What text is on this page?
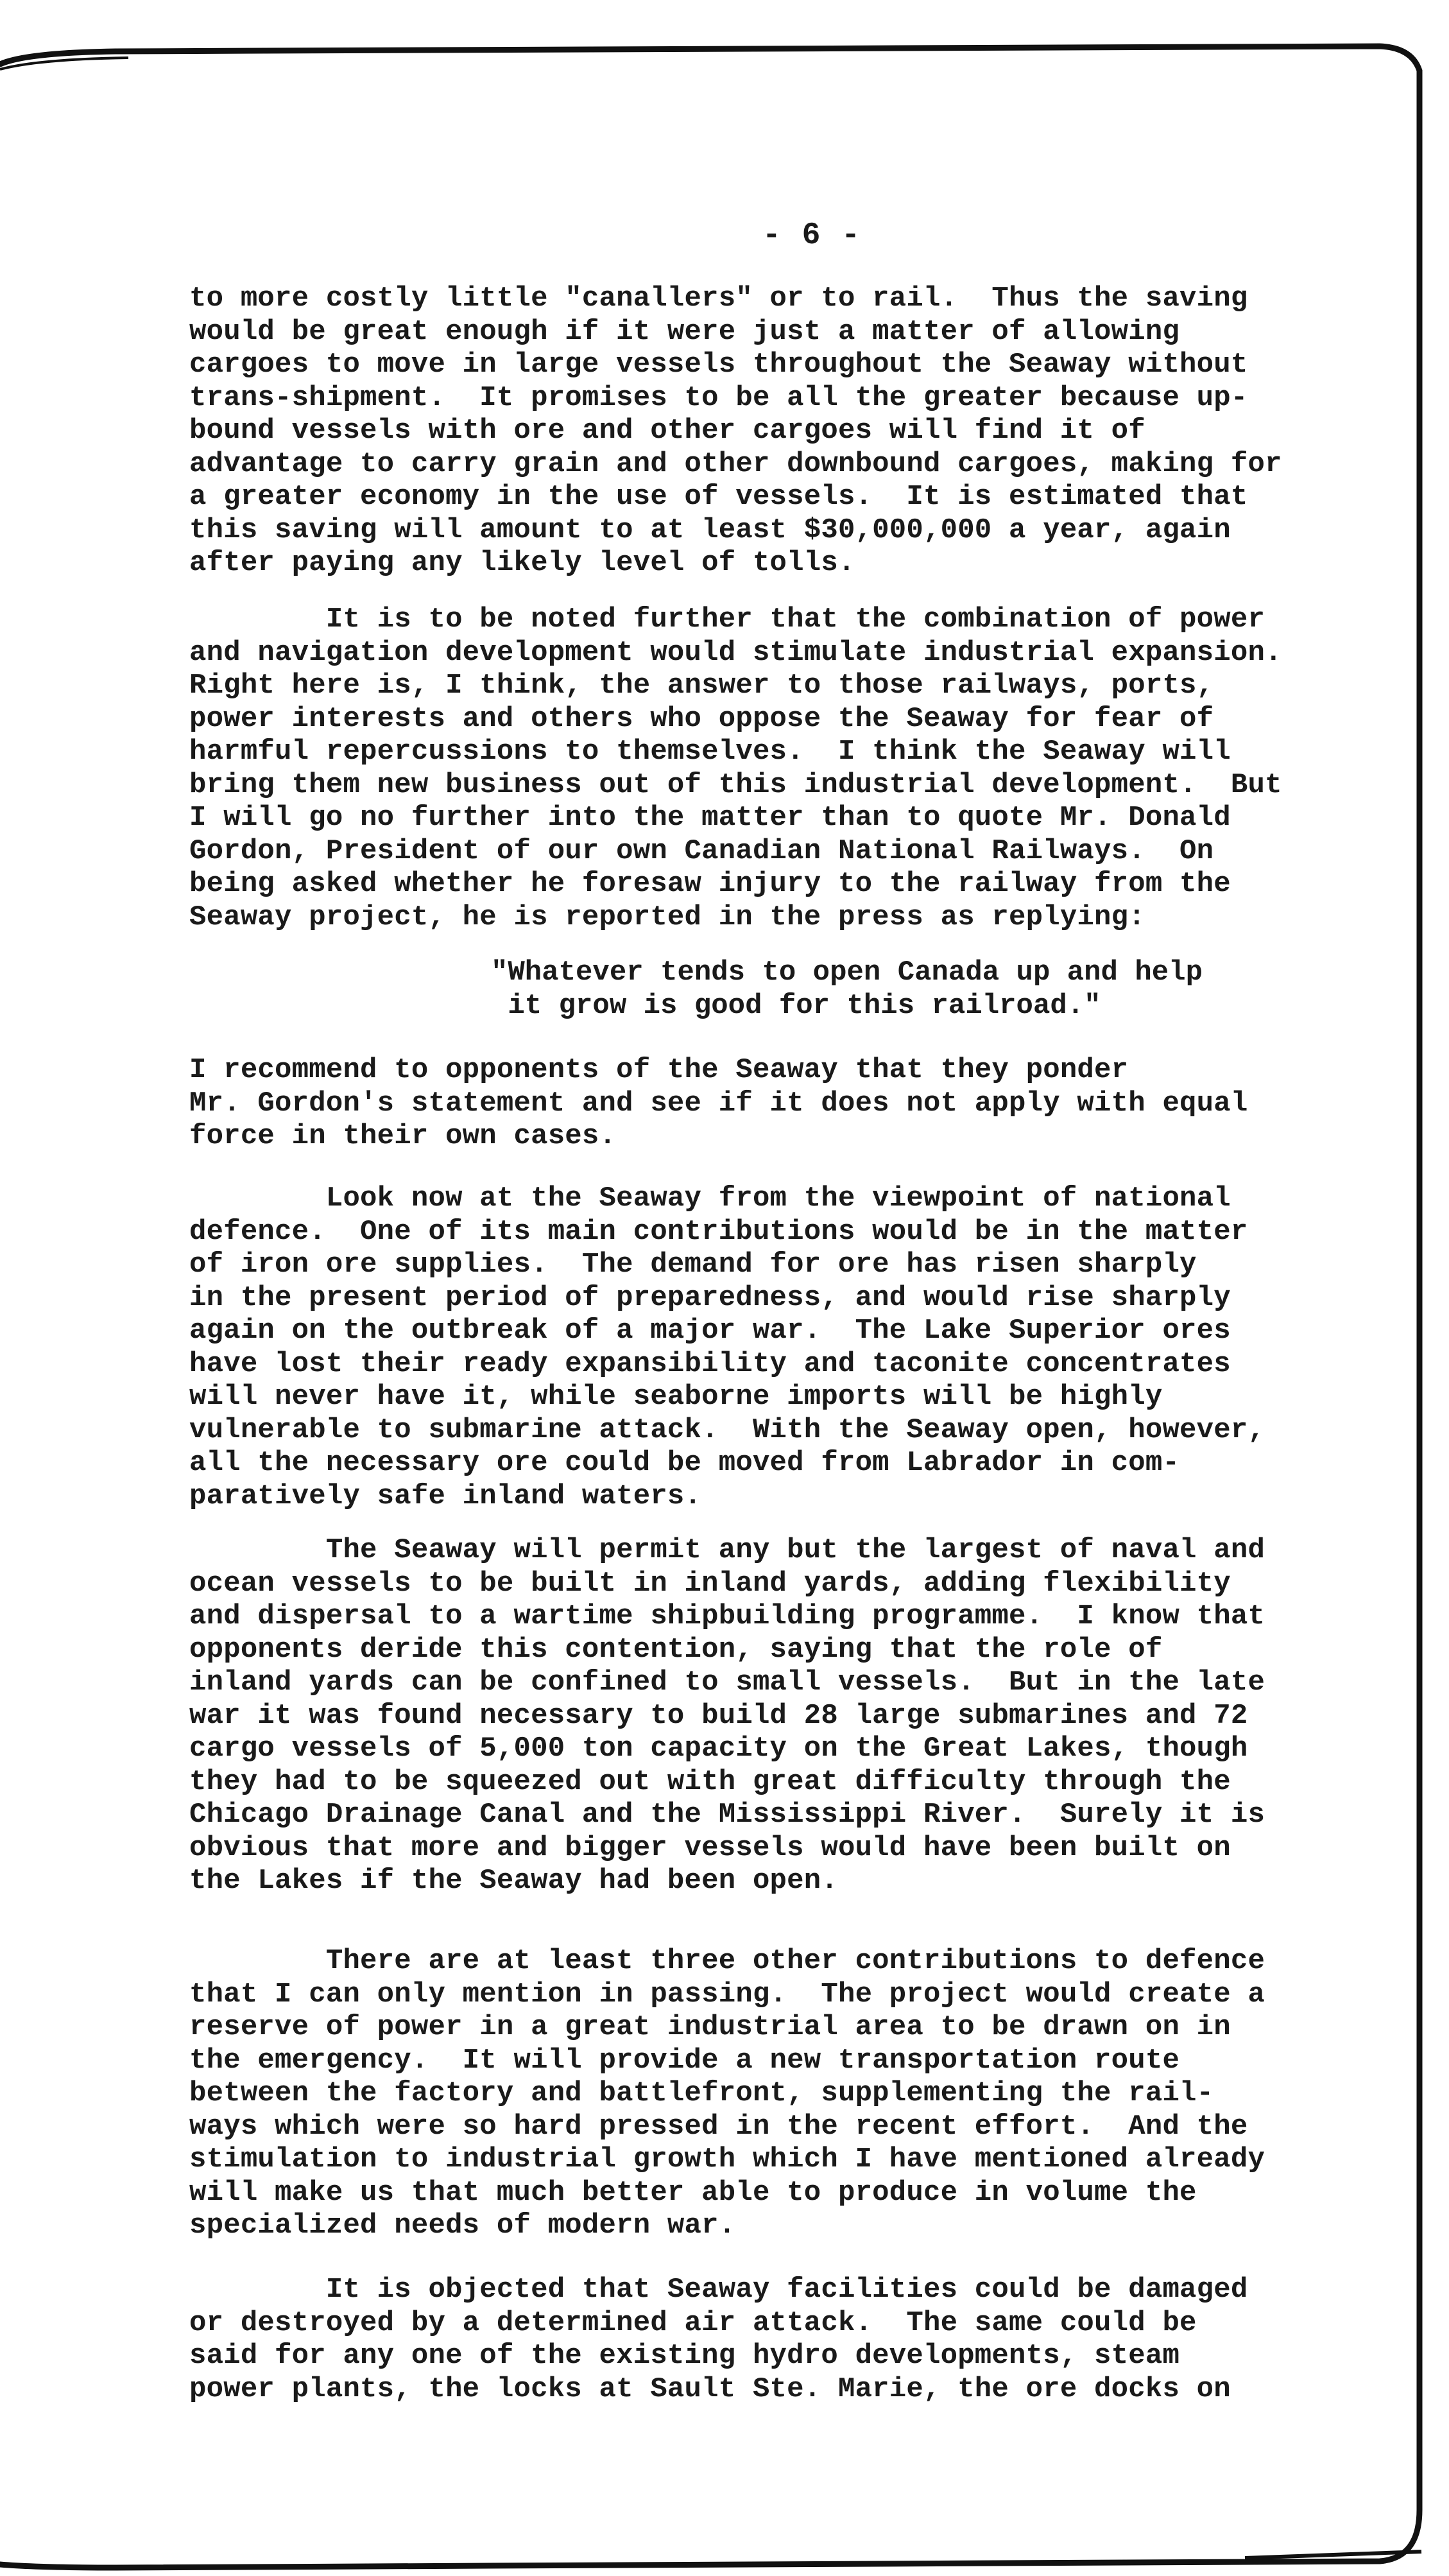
- 6 -
to more costly little "canallers" or to rail.  Thus the saving
would be great enough if it were just a matter of allowing
cargoes to move in large vessels throughout the Seaway without
trans-shipment.  It promises to be all the greater because up-
bound vessels with ore and other cargoes will find it of
advantage to carry grain and other downbound cargoes, making for
a greater economy in the use of vessels.  It is estimated that
this saving will amount to at least $30,000,000 a year, again
after paying any likely level of tolls.
It is to be noted further that the combination of power
and navigation development would stimulate industrial expansion.
Right here is, I think, the answer to those railways, ports,
power interests and others who oppose the Seaway for fear of
harmful repercussions to themselves.  I think the Seaway will
bring them new business out of this industrial development.  But
I will go no further into the matter than to quote Mr. Donald
Gordon, President of our own Canadian National Railways.  On
being asked whether he foresaw injury to the railway from the
Seaway project, he is reported in the press as replying:
"Whatever tends to open Canada up and help
it grow is good for this railroad."
I recommend to opponents of the Seaway that they ponder
Mr. Gordon's statement and see if it does not apply with equal
force in their own cases.
Look now at the Seaway from the viewpoint of national
defence.  One of its main contributions would be in the matter
of iron ore supplies.  The demand for ore has risen sharply
in the present period of preparedness, and would rise sharply
again on the outbreak of a major war.  The Lake Superior ores
have lost their ready expansibility and taconite concentrates
will never have it, while seaborne imports will be highly
vulnerable to submarine attack.  With the Seaway open, however,
all the necessary ore could be moved from Labrador in com-
paratively safe inland waters.
The Seaway will permit any but the largest of naval and
ocean vessels to be built in inland yards, adding flexibility
and dispersal to a wartime shipbuilding programme.  I know that
opponents deride this contention, saying that the role of
inland yards can be confined to small vessels.  But in the late
war it was found necessary to build 28 large submarines and 72
cargo vessels of 5,000 ton capacity on the Great Lakes, though
they had to be squeezed out with great difficulty through the
Chicago Drainage Canal and the Mississippi River.  Surely it is
obvious that more and bigger vessels would have been built on
the Lakes if the Seaway had been open.
There are at least three other contributions to defence
that I can only mention in passing.  The project would create a
reserve of power in a great industrial area to be drawn on in
the emergency.  It will provide a new transportation route
between the factory and battlefront, supplementing the rail-
ways which were so hard pressed in the recent effort.  And the
stimulation to industrial growth which I have mentioned already
will make us that much better able to produce in volume the
specialized needs of modern war.
It is objected that Seaway facilities could be damaged
or destroyed by a determined air attack.  The same could be
said for any one of the existing hydro developments, steam
power plants, the locks at Sault Ste. Marie, the ore docks on
